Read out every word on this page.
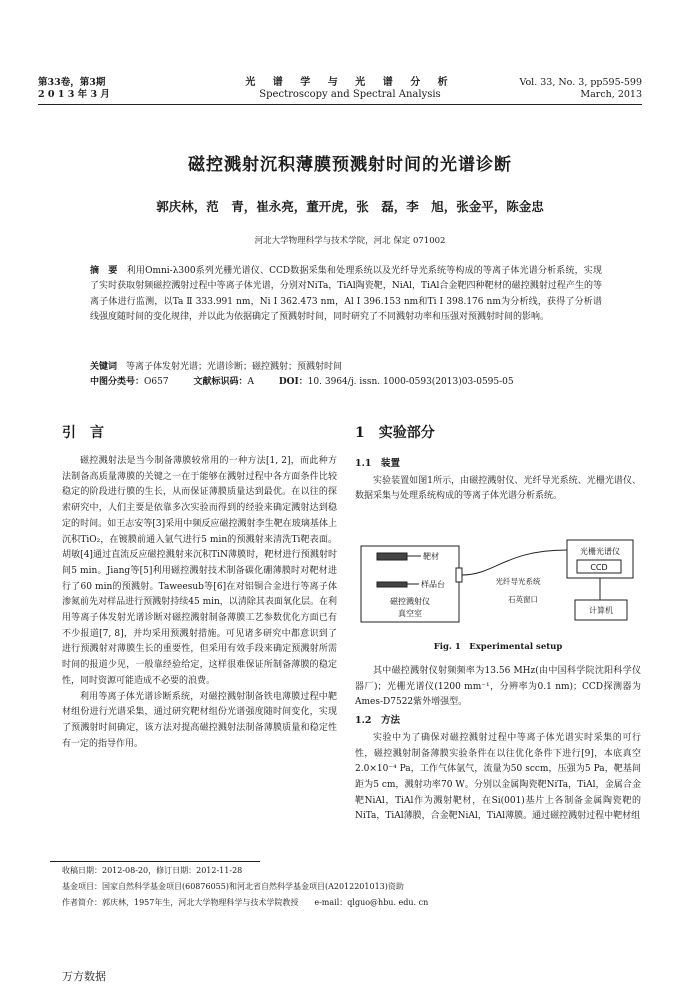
第33卷，第3期
2 0 1 3 年 3 月
光 谱 学 与 光 谱 分 析
Spectroscopy and Spectral Analysis
Vol. 33, No. 3, pp595-599
March, 2013
磁控溅射沉积薄膜预溅射时间的光谱诊断
郭庆林，范　青，崔永亮，董开虎，张　磊，李　旭，张金平，陈金忠
河北大学物理科学与技术学院，河北 保定 071002
摘　要　 利用Omni-λ300系列光栅光谱仪、CCD数据采集和处理系统以及光纤导光系统等构成的等离子体光谱分析系统，实现了实时获取射频磁控溅射过程中等离子体光谱，分别对NiTa，TiAl陶瓷靶，NiAl，TiAl合金靶四种靶材的磁控溅射过程产生的等离子体进行监测，以Ta Ⅱ 333.991 nm，Ni Ⅰ 362.473 nm，Al Ⅰ 396.153 nm和Ti Ⅰ 398.176 nm为分析线，获得了分析谱线强度随时间的变化规律，并以此为依据确定了预溅射时间，同时研究了不同溅射功率和压强对预溅射时间的影响。
关键词　 等离子体发射光谱；光谱诊断；磁控溅射；预溅射时间
中图分类号：O657	文献标识码：A	DOI：10. 3964/j. issn. 1000-0593(2013)03-0595-05
引　言

磁控溅射法是当今制备薄膜较常用的一种方法[1, 2]，而此种方法制备高质量薄膜的关键之一在于能够在溅射过程中各方面条件比较稳定的阶段进行膜的生长，从而保证薄膜质量达到最优。在以往的探索研究中，人们主要是依靠多次实验而得到的经验来确定溅射达到稳定的时间。如王志安等[3]采用中频反应磁控溅射李生靶在玻璃基体上沉积TiO₂，在镀膜前通入氩气进行5 min的预溅射来清洗Ti靶表面。胡敏[4]通过直流反应磁控溅射来沉积TiN薄膜时，靶材进行预溅射时间5 min。Jiang等[5]利用磁控溅射技术制备碳化硼薄膜时对靶材进行了60 min的预溅射。Taweesub等[6]在对铝铜合金进行等离子体渗氮前先对样品进行预溅射持续45 min，以清除其表面氧化层。在利用等离子体发射光谱诊断对磁控溅射制备薄膜工艺参数优化方面已有不少报道[7, 8]，并均采用预溅射措施。可见诸多研究中都意识到了进行预溅射对薄膜生长的重要性，但采用有效手段来确定预溅射所需时间的报道少见，一般靠经验给定，这样很难保证所制备薄膜的稳定性，同时资源可能造成不必要的浪费。

利用等离子体光谱诊断系统，对磁控溅射制备铁电薄膜过程中靶材组份进行光谱采集，通过研究靶材组份光谱强度随时间变化，实现了预溅射时间确定，该方法对提高磁控溅射法制备薄膜质量和稳定性有一定的指导作用。

1　实验部分
1.1　装置

实验装置如图1所示，由磁控溅射仪、光纤导光系统、光栅光谱仪、数据采集与处理系统构成的等离子体光谱分析系统。

靶材
样品台
磁控溅射仪
真空室
光纤导光系统
石英窗口
光栅光谱仪
CCD
计算机
Fig. 1　Experimental setup

其中磁控溅射仪射频频率为13.56 MHz(由中国科学院沈阳科学仪器厂)；光栅光谱仪(1200 mm⁻¹，分辨率为0.1 nm)；CCD探测器为Ames-D7522紫外增强型。

1.2　方法

实验中为了确保对磁控溅射过程中等离子体光谱实时采集的可行性，磁控溅射制备薄膜实验条件在以往优化条件下进行[9]，本底真空2.0×10⁻⁴ Pa，工作气体氩气，流量为50 sccm，压强为5 Pa，靶基间距为5 cm，溅射功率70 W。分别以金属陶瓷靶NiTa，TiAl，金属合金靶NiAl，TiAl作为溅射靶材，在Si(001)基片上各制备金属陶瓷靶的NiTa，TiAl薄膜，合金靶NiAl，TiAl薄膜。通过磁控溅射过程中靶材组

收稿日期：2012-08-20，修订日期：2012-11-28
基金项目：国家自然科学基金项目(60876055)和河北省自然科学基金项目(A2012201013)资助
作者简介：郭庆林，1957年生，河北大学物理科学与技术学院教授　　e-mail：qlguo@hbu. edu. cn
万方数据
